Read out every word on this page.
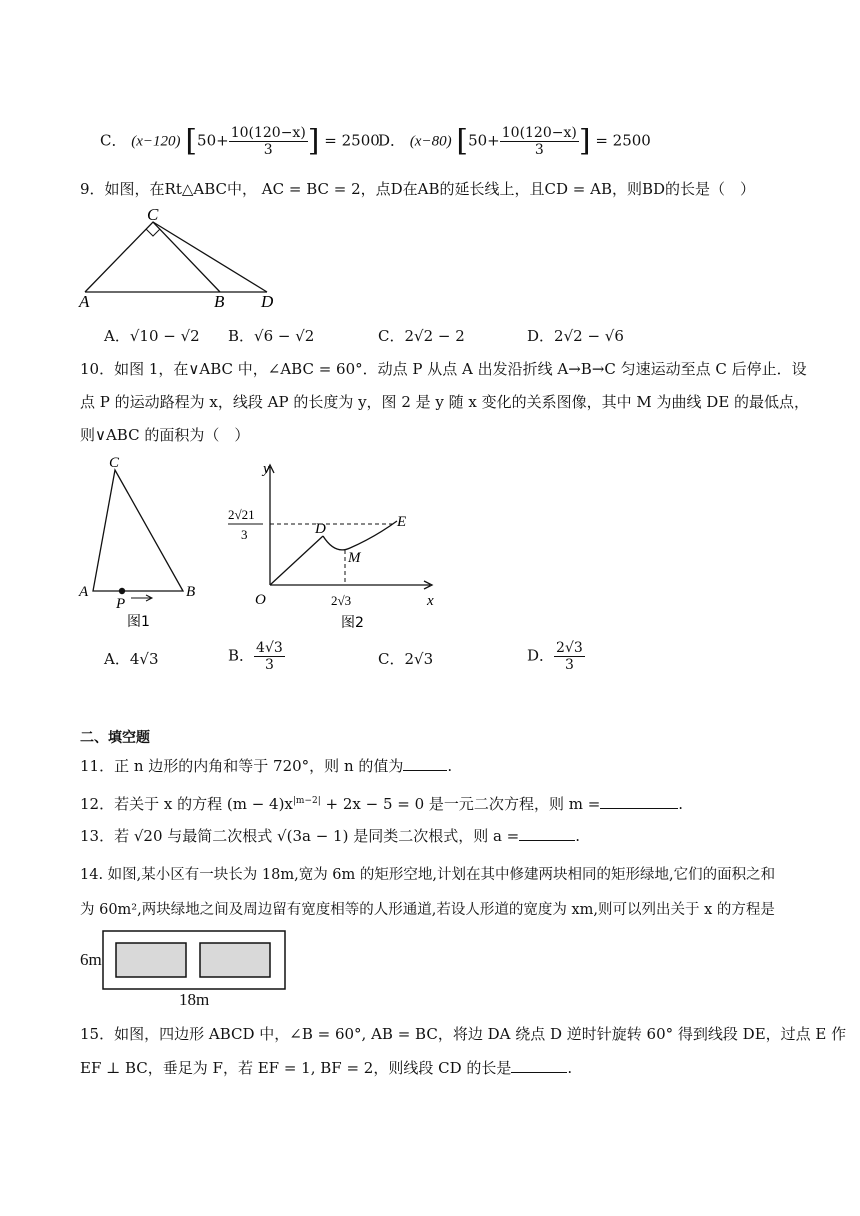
C． (x−120) [$50+ \frac{10(120-x)}{3}$ ] = 2500
D． (x−80) [$50+ \frac{10(120-x)}{3}$ ] = 2500
9．如图，在Rt△ABC中， AC = BC = 2，点D在AB的延长线上，且CD = AB，则BD的长是（　）
C
A	B D
A．√10 − √2 B．√6 − √2	C．2√2 − 2	D．2√2 − √6
10．如图 1，在∨ABC 中，∠ABC = 60°．动点 P 从点 A 出发沿折线 A→B→C 匀速运动至点 C 后停止．设
点 P 的运动路程为 x，线段 AP 的长度为 y，图 2 是 y 随 x 变化的关系图像，其中 M 为曲线 DE 的最低点，
则∨ABC 的面积为（　）
C
A	B
P
图1
y
x
O
D	E
M
2√21
3
2√3
图2
A．4√3	B． $\frac{4√3}{3}$	C．2√3	D． $\frac{2√3}{3}$
二、填空题
11．正 n 边形的内角和等于 720°，则 n 的值为	.
12．若关于 x 的方程 $(m - 4)x^{|m-2|} + 2x - 5 = 0$ 是一元二次方程，则 m =	.
13．若 √20 与最简二次根式 √(3a − 1) 是同类二次根式，则 a =	.
14. 如图,某小区有一块长为 18m,宽为 6m 的矩形空地,计划在其中修建两块相同的矩形绿地,它们的面积之和
为 60m²,两块绿地之间及周边留有宽度相等的人形通道,若设人形道的宽度为 xm,则可以列出关于 x 的方程是
6m
18m
15．如图，四边形 ABCD 中，∠B = 60°, AB = BC，将边 DA 绕点 D 逆时针旋转 60° 得到线段 DE，过点 E 作
EF ⊥ BC，垂足为 F，若 EF = 1, BF = 2，则线段 CD 的长是	.
